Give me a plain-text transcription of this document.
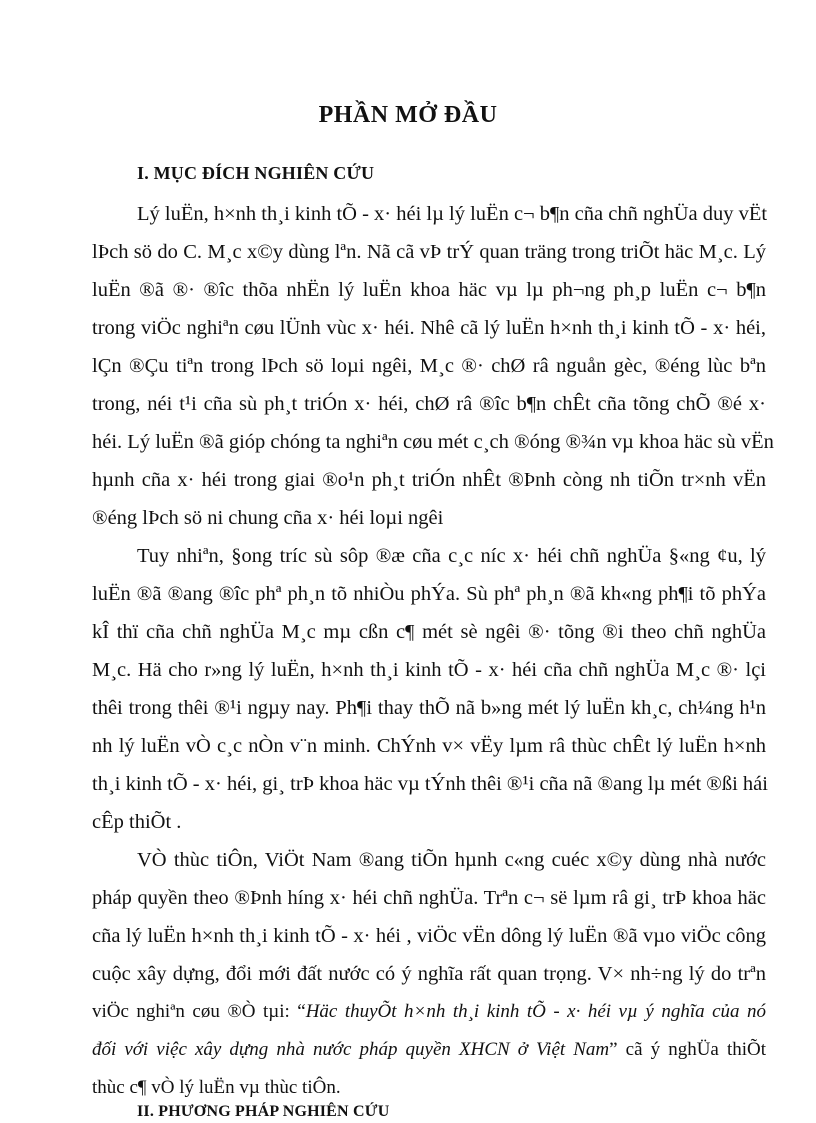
PHẦN MỞ ĐẦU
I. MỤC ĐÍCH NGHIÊN CỨU
Lý luËn, h×nh th¸i kinh tÕ - x· héi lµ lý luËn c¬ b¶n cña chñ nghÜa duy vËt
lÞch sö do C. M¸c x©y dùng lªn. Nã cã vÞ trÝ quan träng trong triÕt häc M¸c. Lý
luËn ®ã ®· ®îc thõa nhËn lý luËn khoa häc vµ lµ ph¬ng ph¸p luËn c¬ b¶n
trong viÖc nghiªn cøu lÜnh vùc x· héi. Nhê cã lý luËn h×nh th¸i kinh tÕ - x· héi,
lÇn ®Çu tiªn trong lÞch sö loµi ngêi, M¸c ®· chØ râ nguån gèc, ®éng lùc bªn
trong, néi t¹i cña sù ph¸t triÓn x· héi, chØ râ ®îc b¶n chÊt cña tõng chÕ ®é x·
héi. Lý luËn ®ã gióp chóng ta nghiªn cøu mét c¸ch ®óng ®¾n vµ khoa häc sù vËn
hµnh cña x· héi trong giai ®o¹n ph¸t triÓn nhÊt ®Þnh còng nh tiÕn tr×nh vËn
®éng lÞch sö ni chung cña x· héi loµi ngêi
Tuy nhiªn, §ong tríc sù sôp ®æ cña c¸c níc x· héi chñ nghÜa §«ng ¢u, lý
luËn ®ã ®ang ®îc phª ph¸n tõ nhiÒu phÝa. Sù phª ph¸n ®ã kh«ng ph¶i tõ phÝa
kÎ thï cña chñ nghÜa M¸c mµ cßn c¶ mét sè ngêi ®· tõng ®i theo chñ nghÜa
M¸c. Hä cho r»ng lý luËn, h×nh th¸i kinh tÕ - x· héi cña chñ nghÜa M¸c ®· lçi
thêi trong thêi ®¹i ngµy nay. Ph¶i thay thÕ nã b»ng mét lý luËn kh¸c, ch¼ng h¹n
nh lý luËn vÒ c¸c nÒn v¨n minh. ChÝnh v× vËy lµm râ thùc chÊt lý luËn h×nh
th¸i kinh tÕ - x· héi, gi¸ trÞ khoa häc vµ tÝnh thêi ®¹i cña nã ®ang lµ mét ®ßi hái
cÊp thiÕt .
VÒ thùc tiÔn, ViÖt Nam ®ang tiÕn hµnh c«ng cuéc x©y dùng nhà nước
pháp quyền theo ®Þnh híng x· héi chñ nghÜa. Trªn c¬ së lµm râ gi¸ trÞ khoa häc
cña lý luËn h×nh th¸i kinh tÕ - x· héi , viÖc vËn dông lý luËn ®ã vµo viÖc công
cuộc xây dựng, đổi mới đất nước có ý nghĩa rất quan trọng. V× nh÷ng lý do trªn
viÖc nghiªn cøu ®Ò tµi: “Häc thuyÕt h×nh th¸i kinh tÕ - x· héi vµ ý nghĩa của nó
đối với việc xây dựng nhà nước pháp quyền XHCN ở Việt Nam” cã ý nghÜa thiÕt
thùc c¶ vÒ lý luËn vµ thùc tiÔn.
II. PHƯƠNG PHÁP NGHIÊN CỨU
